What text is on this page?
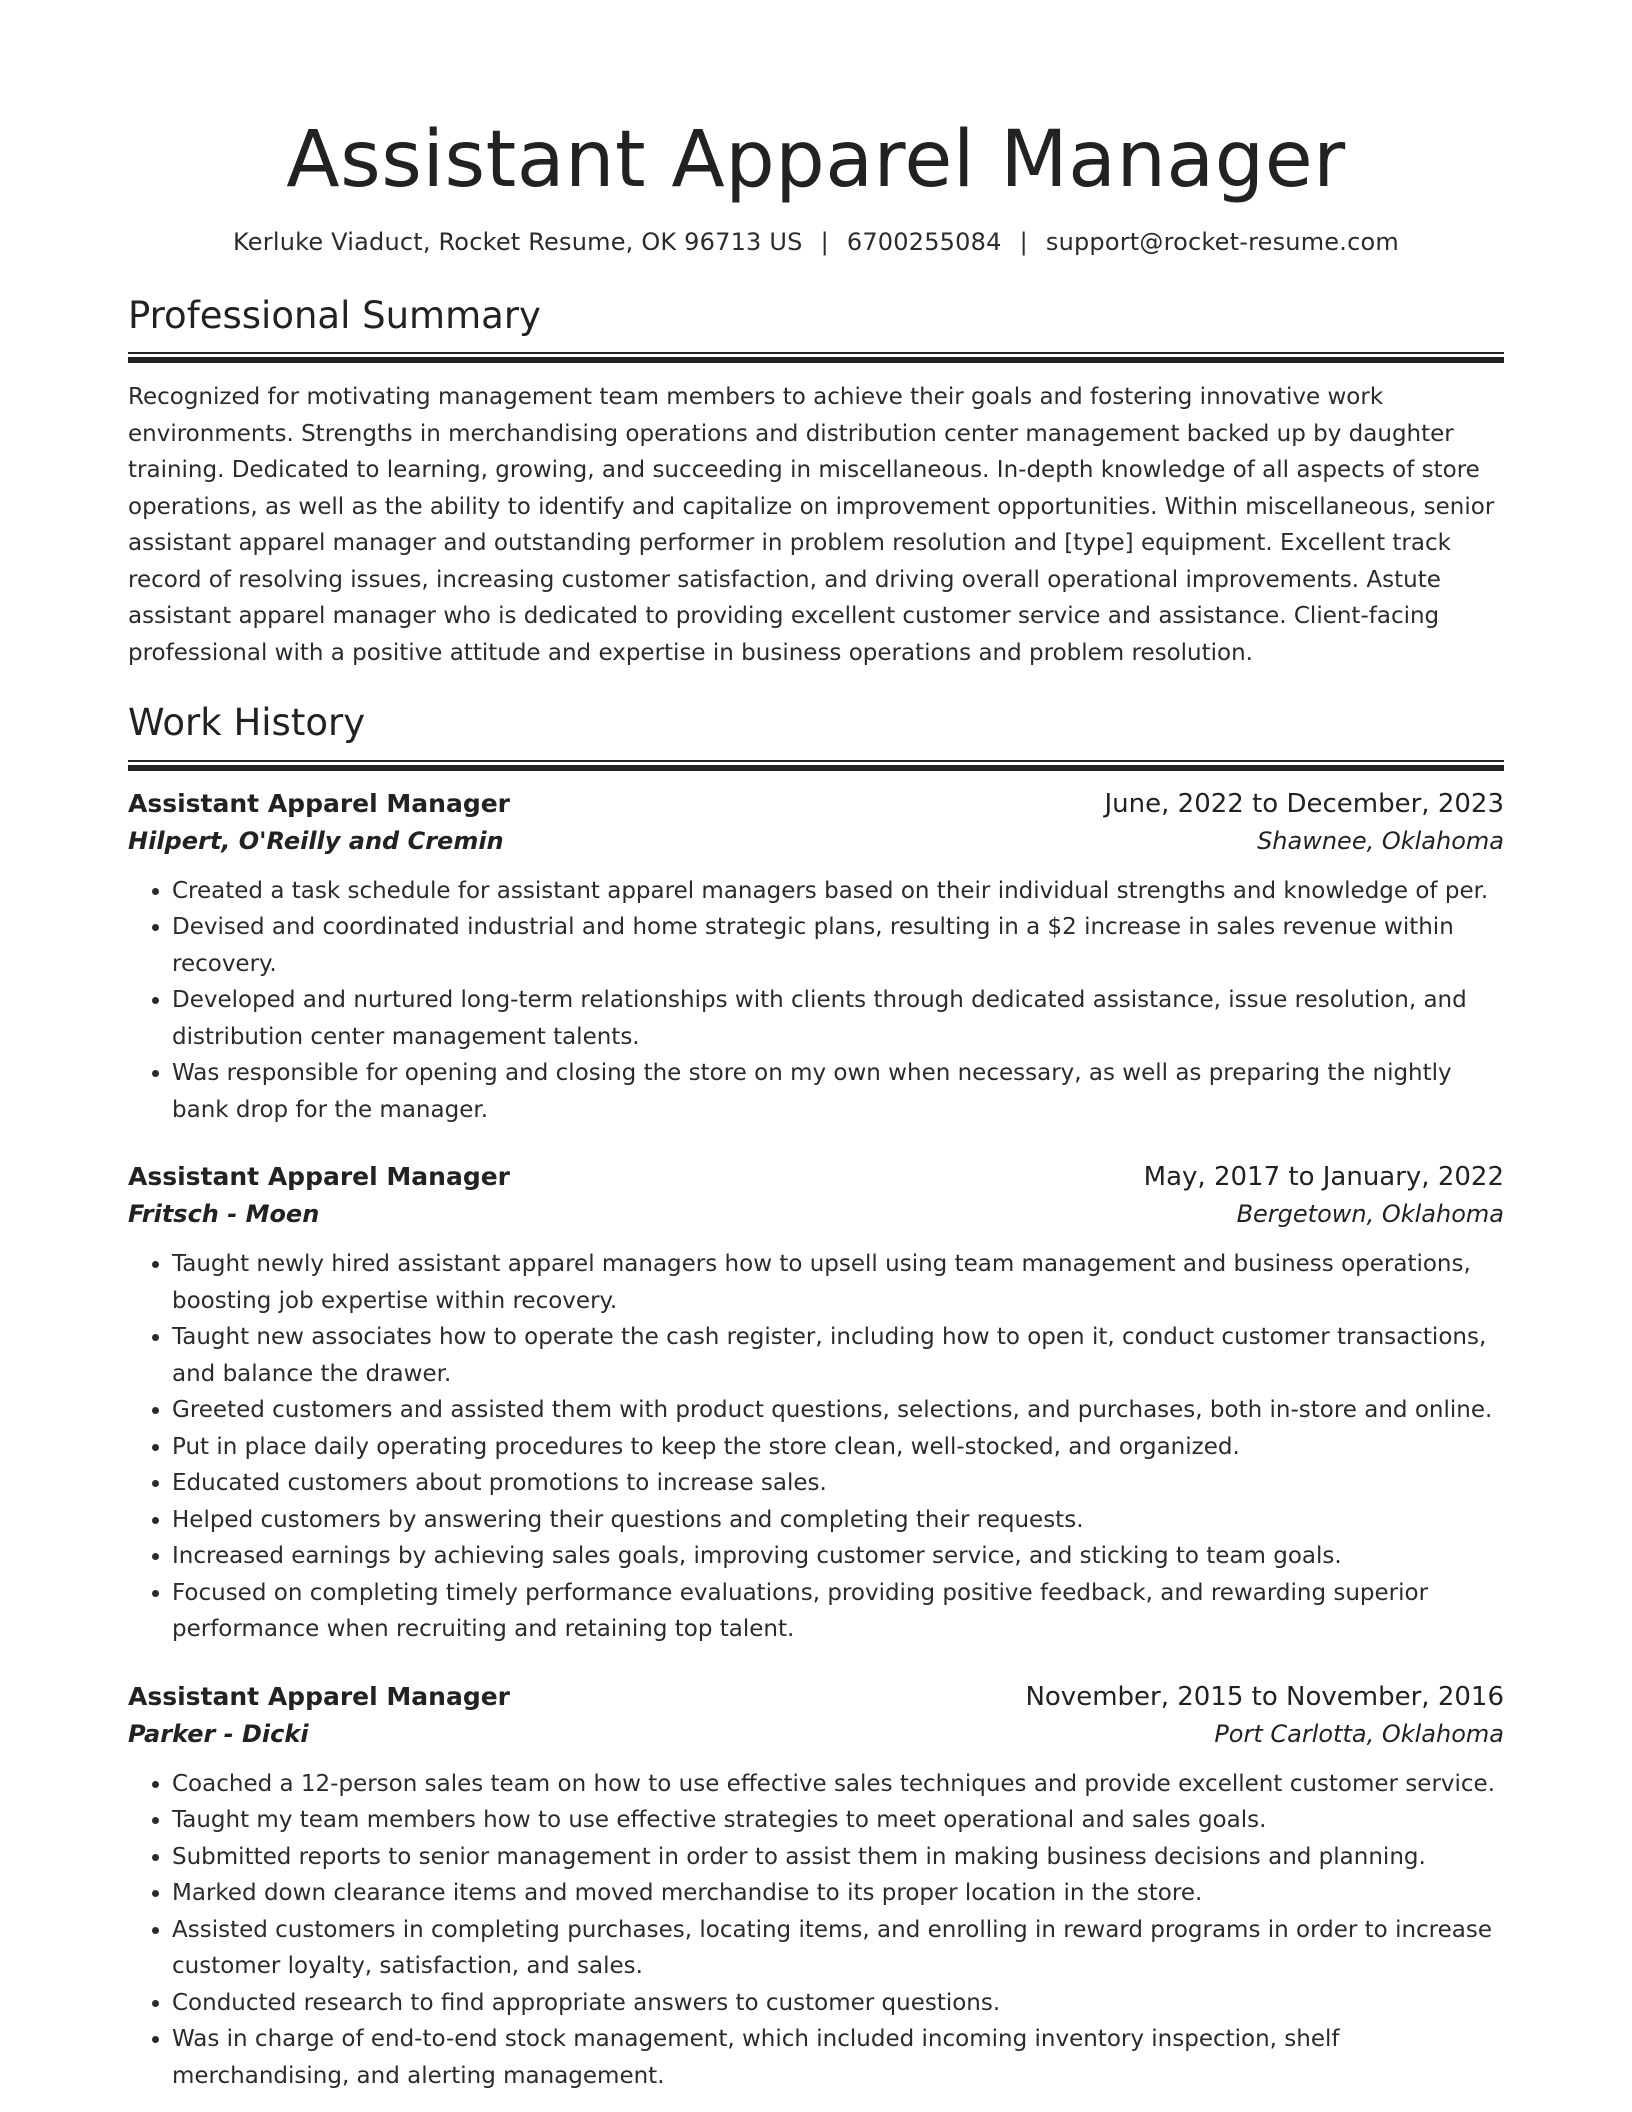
Assistant Apparel Manager
Kerluke Viaduct, Rocket Resume, OK 96713 US | 6700255084 | support@rocket-resume.com
Professional Summary
Recognized for motivating management team members to achieve their goals and fostering innovative work environments. Strengths in merchandising operations and distribution center management backed up by daughter training. Dedicated to learning, growing, and succeeding in miscellaneous. In-depth knowledge of all aspects of store operations, as well as the ability to identify and capitalize on improvement opportunities. Within miscellaneous, senior assistant apparel manager and outstanding performer in problem resolution and [type] equipment. Excellent track record of resolving issues, increasing customer satisfaction, and driving overall operational improvements. Astute assistant apparel manager who is dedicated to providing excellent customer service and assistance. Client-facing professional with a positive attitude and expertise in business operations and problem resolution.
Work History
Assistant Apparel Manager	June, 2022 to December, 2023
Hilpert, O'Reilly and Cremin	Shawnee, Oklahoma
• Created a task schedule for assistant apparel managers based on their individual strengths and knowledge of per.
• Devised and coordinated industrial and home strategic plans, resulting in a $2 increase in sales revenue within recovery.
• Developed and nurtured long-term relationships with clients through dedicated assistance, issue resolution, and distribution center management talents.
• Was responsible for opening and closing the store on my own when necessary, as well as preparing the nightly bank drop for the manager.
Assistant Apparel Manager	May, 2017 to January, 2022
Fritsch - Moen	Bergetown, Oklahoma
• Taught newly hired assistant apparel managers how to upsell using team management and business operations, boosting job expertise within recovery.
• Taught new associates how to operate the cash register, including how to open it, conduct customer transactions, and balance the drawer.
• Greeted customers and assisted them with product questions, selections, and purchases, both in-store and online.
• Put in place daily operating procedures to keep the store clean, well-stocked, and organized.
• Educated customers about promotions to increase sales.
• Helped customers by answering their questions and completing their requests.
• Increased earnings by achieving sales goals, improving customer service, and sticking to team goals.
• Focused on completing timely performance evaluations, providing positive feedback, and rewarding superior performance when recruiting and retaining top talent.
Assistant Apparel Manager	November, 2015 to November, 2016
Parker - Dicki	Port Carlotta, Oklahoma
• Coached a 12-person sales team on how to use effective sales techniques and provide excellent customer service.
• Taught my team members how to use effective strategies to meet operational and sales goals.
• Submitted reports to senior management in order to assist them in making business decisions and planning.
• Marked down clearance items and moved merchandise to its proper location in the store.
• Assisted customers in completing purchases, locating items, and enrolling in reward programs in order to increase customer loyalty, satisfaction, and sales.
• Conducted research to find appropriate answers to customer questions.
• Was in charge of end-to-end stock management, which included incoming inventory inspection, shelf merchandising, and alerting management.
